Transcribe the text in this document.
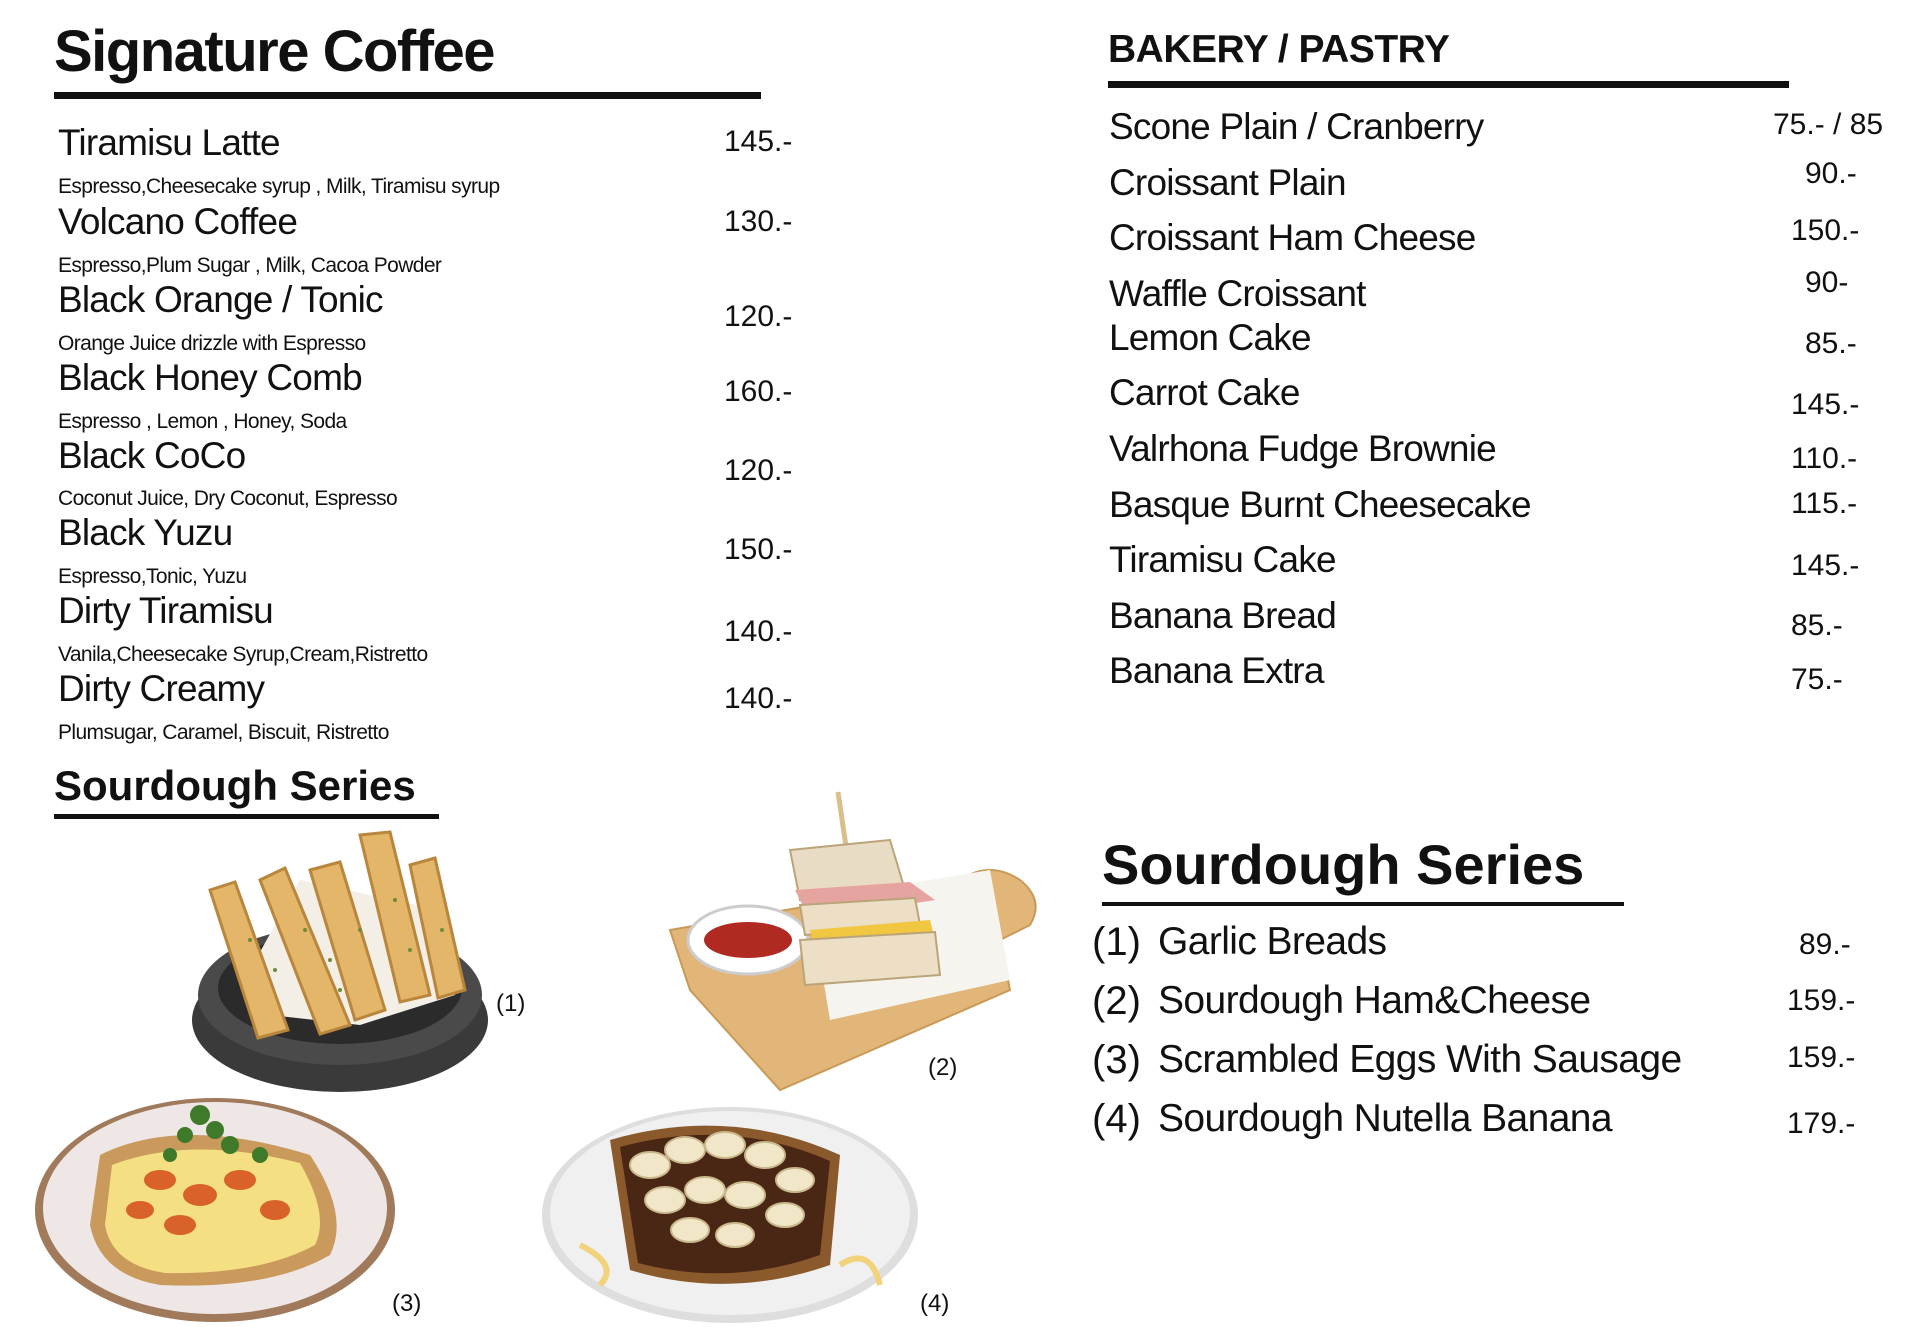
Signature Coffee
Tiramisu Latte
Espresso,Cheesecake syrup , Milk, Tiramisu syrup
145.-
Volcano Coffee
Espresso,Plum Sugar , Milk, Cacoa Powder
130.-
Black Orange / Tonic
Orange Juice drizzle with Espresso
120.-
Black Honey Comb
Espresso , Lemon , Honey, Soda
160.-
Black CoCo
Coconut Juice, Dry Coconut, Espresso
120.-
Black Yuzu
Espresso,Tonic, Yuzu
150.-
Dirty Tiramisu
Vanila,Cheesecake Syrup,Cream,Ristretto
140.-
Dirty Creamy
Plumsugar, Caramel, Biscuit, Ristretto
140.-
BAKERY / PASTRY
Scone Plain / Cranberry	75.- / 85
Croissant Plain	90.-
Croissant Ham Cheese	150.-
Waffle Croissant	90-
Lemon Cake	85.-
Carrot Cake	145.-
Valrhona Fudge Brownie	110.-
Basque Burnt Cheesecake	115.-
Tiramisu Cake	145.-
Banana Bread	85.-
Banana Extra	75.-
Sourdough Series
(1)
(2)
(3)	(4)
Sourdough Series
(1) Garlic Breads	89.-
(2) Sourdough Ham&Cheese	159.-
(3) Scrambled Eggs With Sausage	159.-
(4) Sourdough Nutella Banana	179.-
